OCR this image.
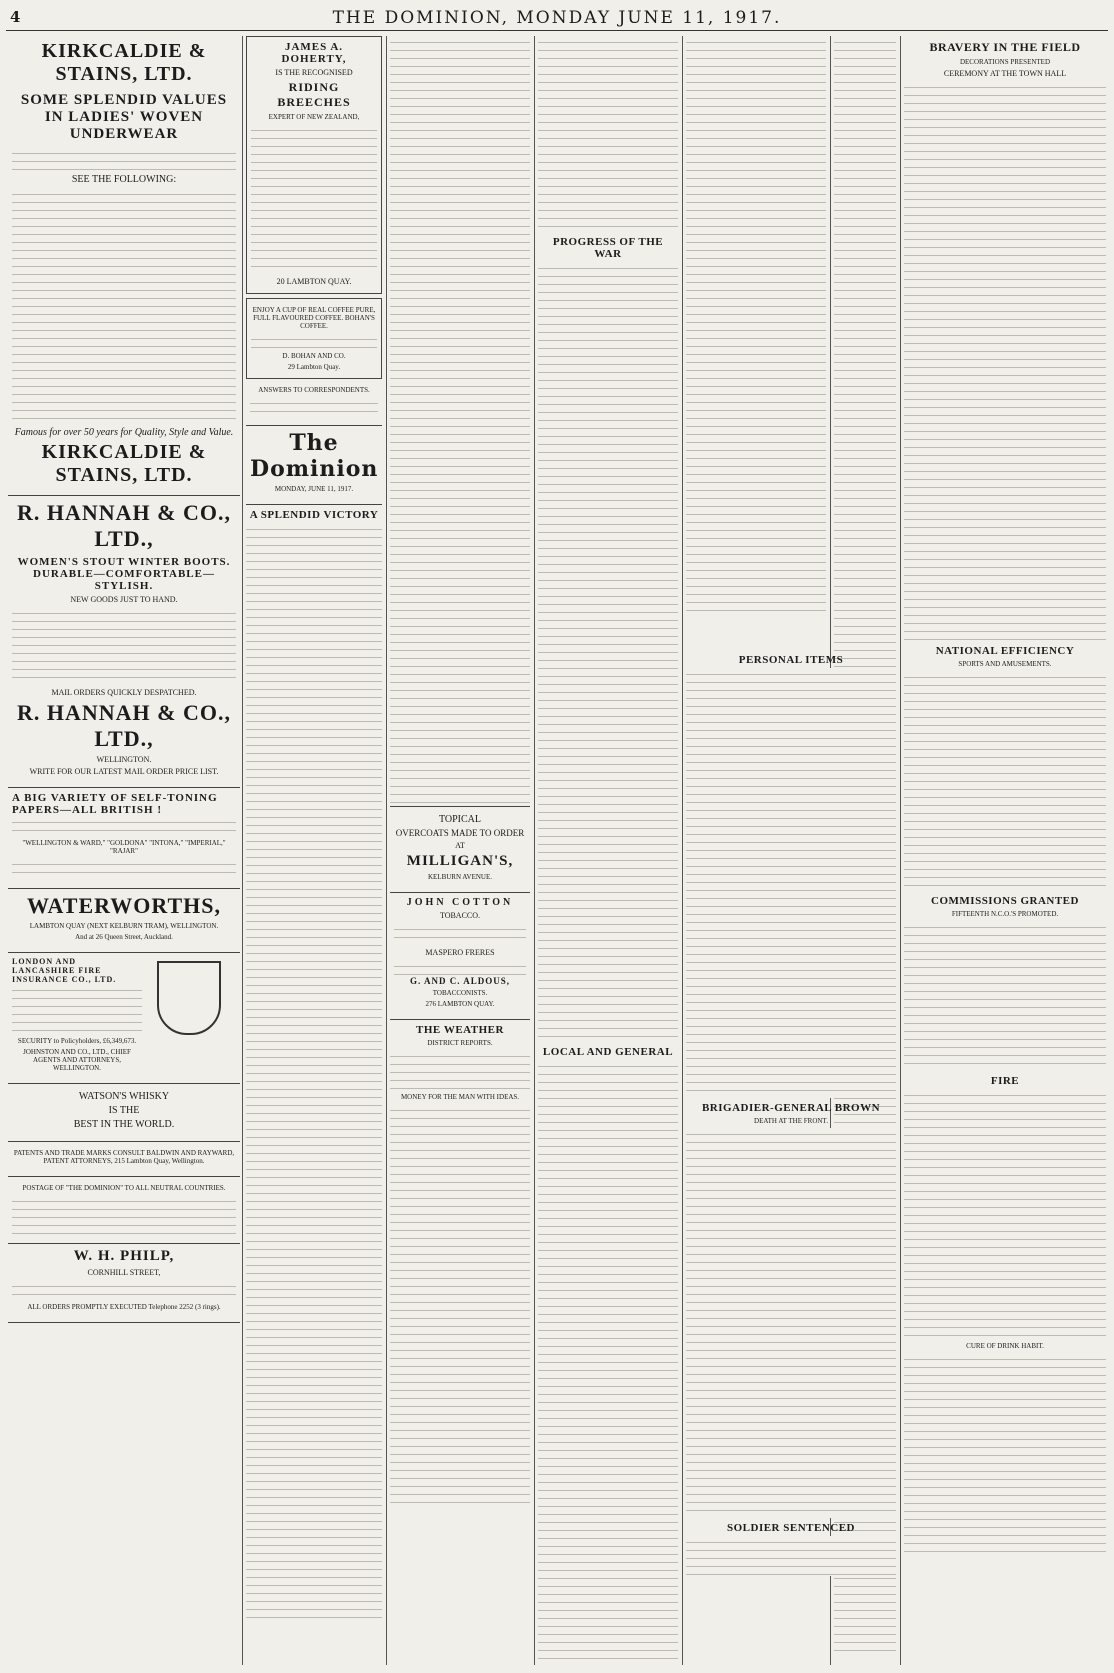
4	THE DOMINION, MONDAY JUNE 11, 1917.
KIRKCALDIE & STAINS, LTD.
SOME SPLENDID VALUES IN LADIES' WOVEN UNDERWEAR
SEE THE FOLLOWING:
Famous for over 50 years for Quality, Style and Value.
KIRKCALDIE & STAINS, LTD.
R. HANNAH & CO., LTD.,
WOMEN'S STOUT WINTER BOOTS.
DURABLE—COMFORTABLE—STYLISH.
NEW GOODS JUST TO HAND.
MAIL ORDERS QUICKLY DESPATCHED.
R. HANNAH & CO., LTD.,
WELLINGTON.
WRITE FOR OUR LATEST MAIL ORDER PRICE LIST.
A BIG VARIETY OF SELF-TONING PAPERS—ALL BRITISH !
"WELLINGTON & WARD," "GOLDONA" "INTONA," "IMPERIAL," "RAJAR"
WATERWORTHS,
LAMBTON QUAY (NEXT KELBURN TRAM), WELLINGTON.
And at 26 Queen Street, Auckland.
LONDON AND LANCASHIRE FIRE INSURANCE CO., LTD.
SECURITY to Policyholders, £6,349,673.
JOHNSTON AND CO., LTD., CHIEF AGENTS AND ATTORNEYS, WELLINGTON.
WATSON'S WHISKY
IS THE
BEST IN THE WORLD.
PATENTS AND TRADE MARKS CONSULT BALDWIN AND RAYWARD, PATENT ATTORNEYS, 215 Lambton Quay, Wellington.
POSTAGE OF "THE DOMINION" TO ALL NEUTRAL COUNTRIES.
W. H. PHILP,
CORNHILL STREET,
ALL ORDERS PROMPTLY EXECUTED Telephone 2252 (3 rings).
JAMES A. DOHERTY,
IS THE RECOGNISED
RIDING BREECHES
EXPERT OF NEW ZEALAND,
20 LAMBTON QUAY.
ENJOY A CUP OF REAL COFFEE PURE, FULL FLAVOURED COFFEE. BOHAN'S COFFEE.
D. BOHAN AND CO.
29 Lambton Quay.
ANSWERS TO CORRESPONDENTS.
The Dominion
MONDAY, JUNE 11, 1917.
A SPLENDID VICTORY
TOPICAL
OVERCOATS MADE TO ORDER
AT
MILLIGAN'S,
KELBURN AVENUE.
JOHN COTTON
TOBACCO.
MASPERO FRERES
G. AND C. ALDOUS,
TOBACCONISTS.
276 LAMBTON QUAY.
THE WEATHER
DISTRICT REPORTS.
MONEY FOR THE MAN WITH IDEAS.
PROGRESS OF THE WAR
LOCAL AND GENERAL
PERSONAL ITEMS
BRIGADIER-GENERAL BROWN
DEATH AT THE FRONT.
SOLDIER SENTENCED
BRAVERY IN THE FIELD
DECORATIONS PRESENTED
CEREMONY AT THE TOWN HALL
NATIONAL EFFICIENCY
SPORTS AND AMUSEMENTS.
COMMISSIONS GRANTED
FIFTEENTH N.C.O.'S PROMOTED.
FIRE
CURE OF DRINK HABIT.
